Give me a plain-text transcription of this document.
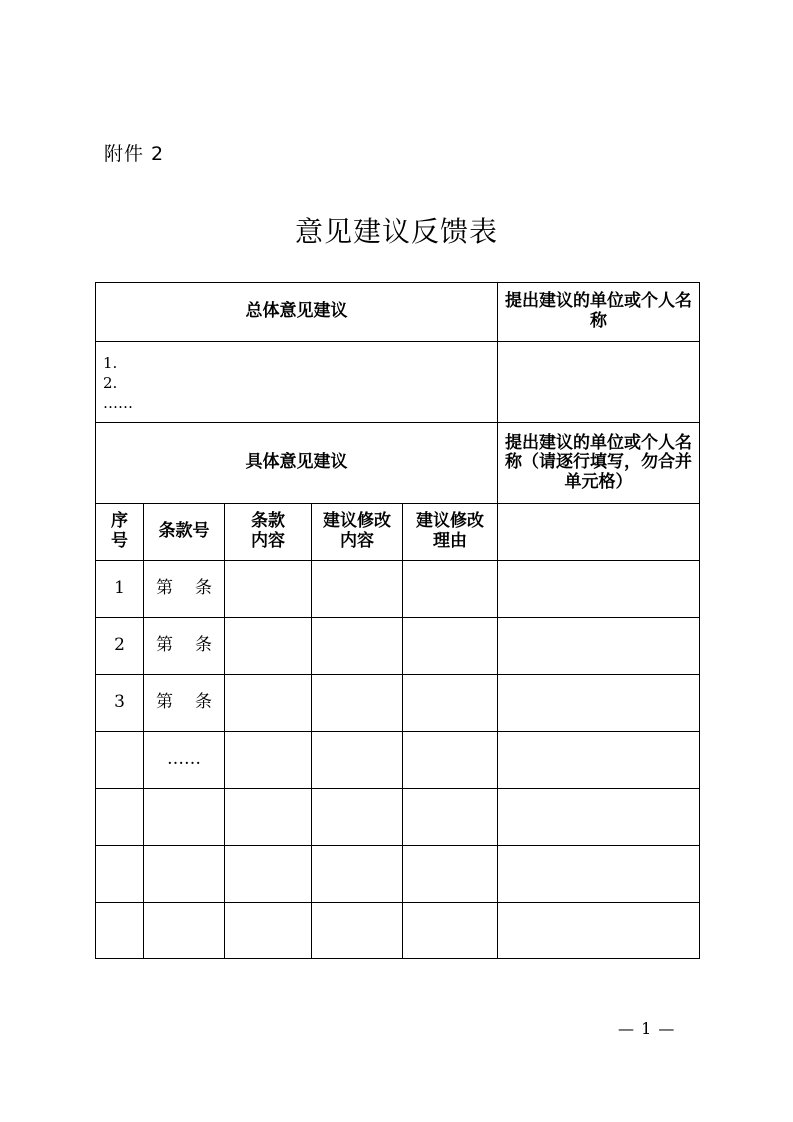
附件 2
意见建议反馈表
总体意见建议					提出建议的单位或个人名称

1.
2.
……					

具体意见建议					提出建议的单位或个人名称（请逐行填写，勿合并单元格）
序号	条款号	条款内容	建议修改内容	建议修改理由	
1	第 条				
2	第 条				
3	第 条				
	……				

— 1 —
